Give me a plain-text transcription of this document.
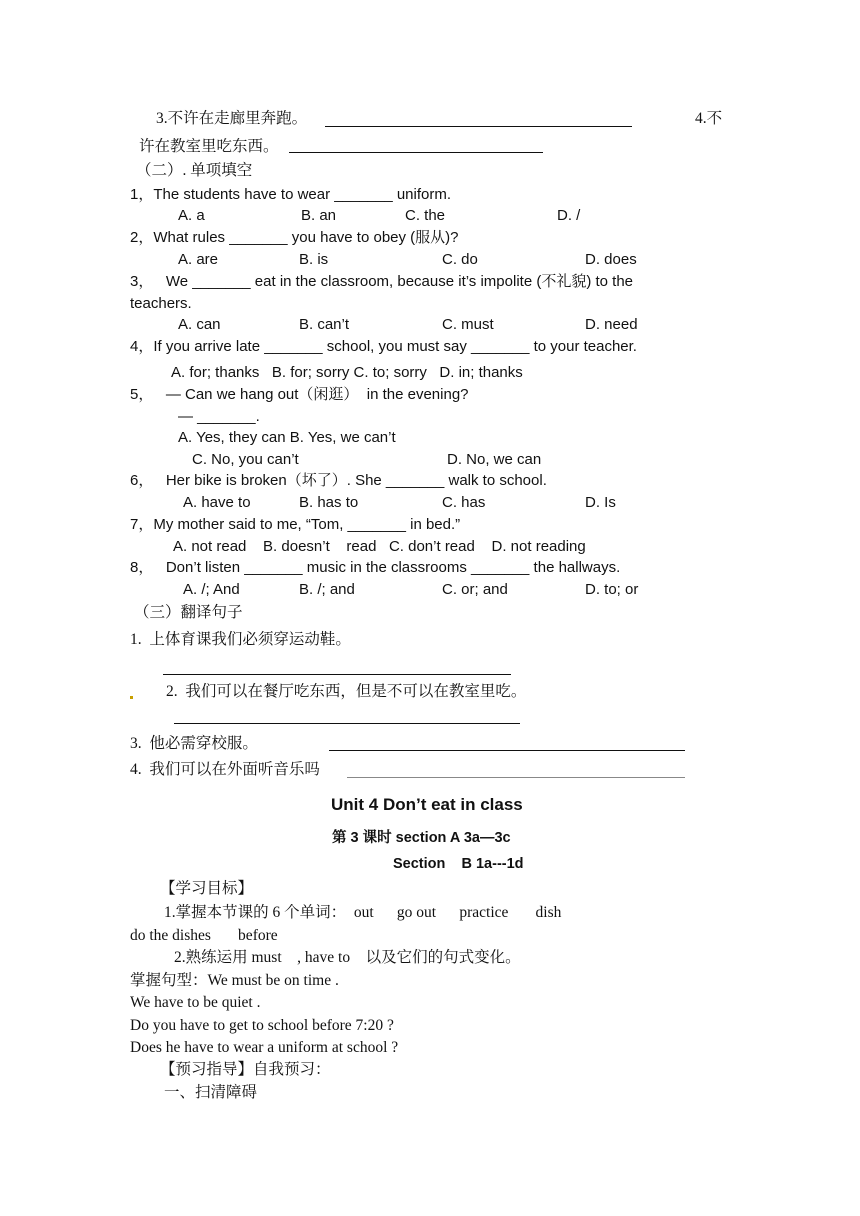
3.不许在走廊里奔跑。	4.不
许在教室里吃东西。
（二）. 单项填空
1，The students have to wear _______ uniform.
A. a	B. an	C. the	D. /
2，What rules _______ you have to obey (服从)?
A. are	B. is	C. do	D. does
3，   We _______ eat in the classroom, because it’s impolite (不礼貌) to the
teachers.
A. can	B. can’t	C. must	D. need
4，If you arrive late _______ school, you must say _______ to your teacher.
A. for; thanks   B. for; sorry C. to; sorry   D. in; thanks
5，   — Can we hang out（闲逛）  in the evening?
— _______.
A. Yes, they can B. Yes, we can’t
C. No, you can’t	D. No, we can
6，   Her bike is broken（坏了）. She _______ walk to school.
A. have to	B. has to	C. has	D. Is
7，My mother said to me, “Tom, _______ in bed.”
A. not read    B. doesn’t    read   C. don’t read    D. not reading
8，   Don’t listen _______ music in the classrooms _______ the hallways.
A. /; And	B. /; and	C. or; and	D. to; or
（三）翻译句子
1.  上体育课我们必须穿运动鞋。
2.  我们可以在餐厅吃东西，但是不可以在教室里吃。
3.  他必需穿校服。
4.  我们可以在外面听音乐吗
Unit 4 Don’t eat in class
第 3 课时 section A 3a—3c
Section    B 1a---1d
【学习目标】
1.掌握本节课的 6 个单词：  out      go out      practice       dish
do the dishes       before
2.熟练运用 must    , have to    以及它们的句式变化。
掌握句型：We must be on time .
We have to be quiet .
Do you have to get to school before 7:20 ?
Does he have to wear a uniform at school ?
【预习指导】自我预习：
一、扫清障碍
